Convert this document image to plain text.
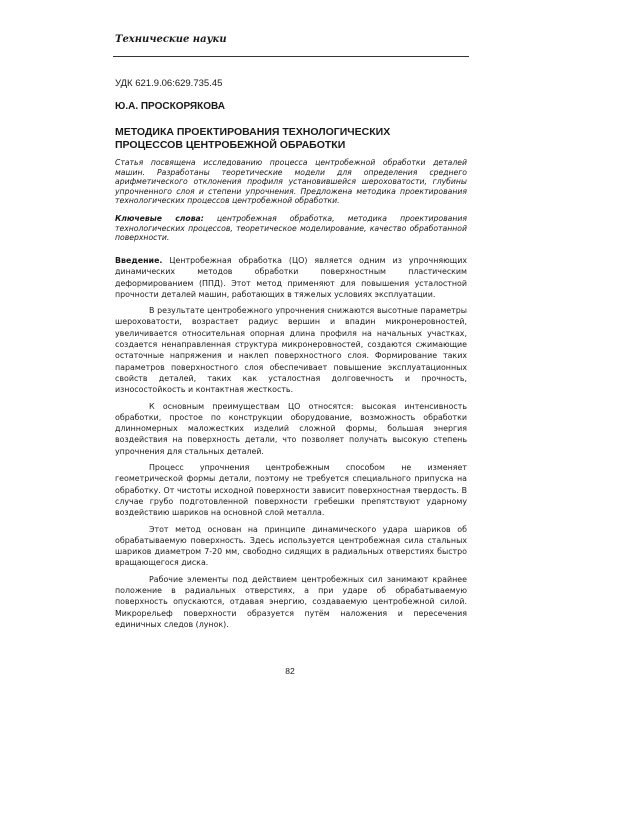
Технические науки
УДК 621.9.06:629.735.45
Ю.А. ПРОСКОРЯКОВА
МЕТОДИКА ПРОЕКТИРОВАНИЯ ТЕХНОЛОГИЧЕСКИХ
ПРОЦЕССОВ ЦЕНТРОБЕЖНОЙ ОБРАБОТКИ

Статья посвящена исследованию процесса центробежной обработки деталей машин. Разработаны теоретические модели для определения среднего арифметического отклонения профиля установившейся шероховатости, глубины упрочненного слоя и степени упрочнения. Предложена методика проектирования технологических процессов центробежной обработки.

Ключевые слова: центробежная обработка, методика проектирования технологических процессов, теоретическое моделирование, качество обработанной поверхности.

Введение. Центробежная обработка (ЦО) является одним из упрочняющих динамических методов обработки поверхностным пластическим деформированием (ППД). Этот метод применяют для повышения усталостной прочности деталей машин, работающих в тяжелых условиях эксплуатации.

В результате центробежного упрочнения снижаются высотные параметры шероховатости, возрастает радиус вершин и впадин микронеровностей, увеличивается относительная опорная длина профиля на начальных участках, создается ненаправленная структура микронеровностей, создаются сжимающие остаточные напряжения и наклеп поверхностного слоя. Формирование таких параметров поверхностного слоя обеспечивает повышение эксплуатационных свойств деталей, таких как усталостная долговечность и прочность, износостойкость и контактная жесткость.

К основным преимуществам ЦО относятся: высокая интенсивность обработки, простое по конструкции оборудование, возможность обработки длинномерных маложестких изделий сложной формы, большая энергия воздействия на поверхность детали, что позволяет получать высокую степень упрочнения для стальных деталей.

Процесс упрочнения центробежным способом не изменяет геометрической формы детали, поэтому не требуется специального припуска на обработку. От чистоты исходной поверхности зависит поверхностная твердость. В случае грубо подготовленной поверхности гребешки препятствуют ударному воздействию шариков на основной слой металла.

Этот метод основан на принципе динамического удара шариков об обрабатываемую поверхность. Здесь используется центробежная сила стальных шариков диаметром 7-20 мм, свободно сидящих в радиальных отверстиях быстро вращающегося диска.

Рабочие элементы под действием центробежных сил занимают крайнее положение в радиальных отверстиях, а при ударе об обрабатываемую поверхность опускаются, отдавая энергию, создаваемую центробежной силой. Микрорельеф поверхности образуется путём наложения и пересечения единичных следов (лунок).

82
